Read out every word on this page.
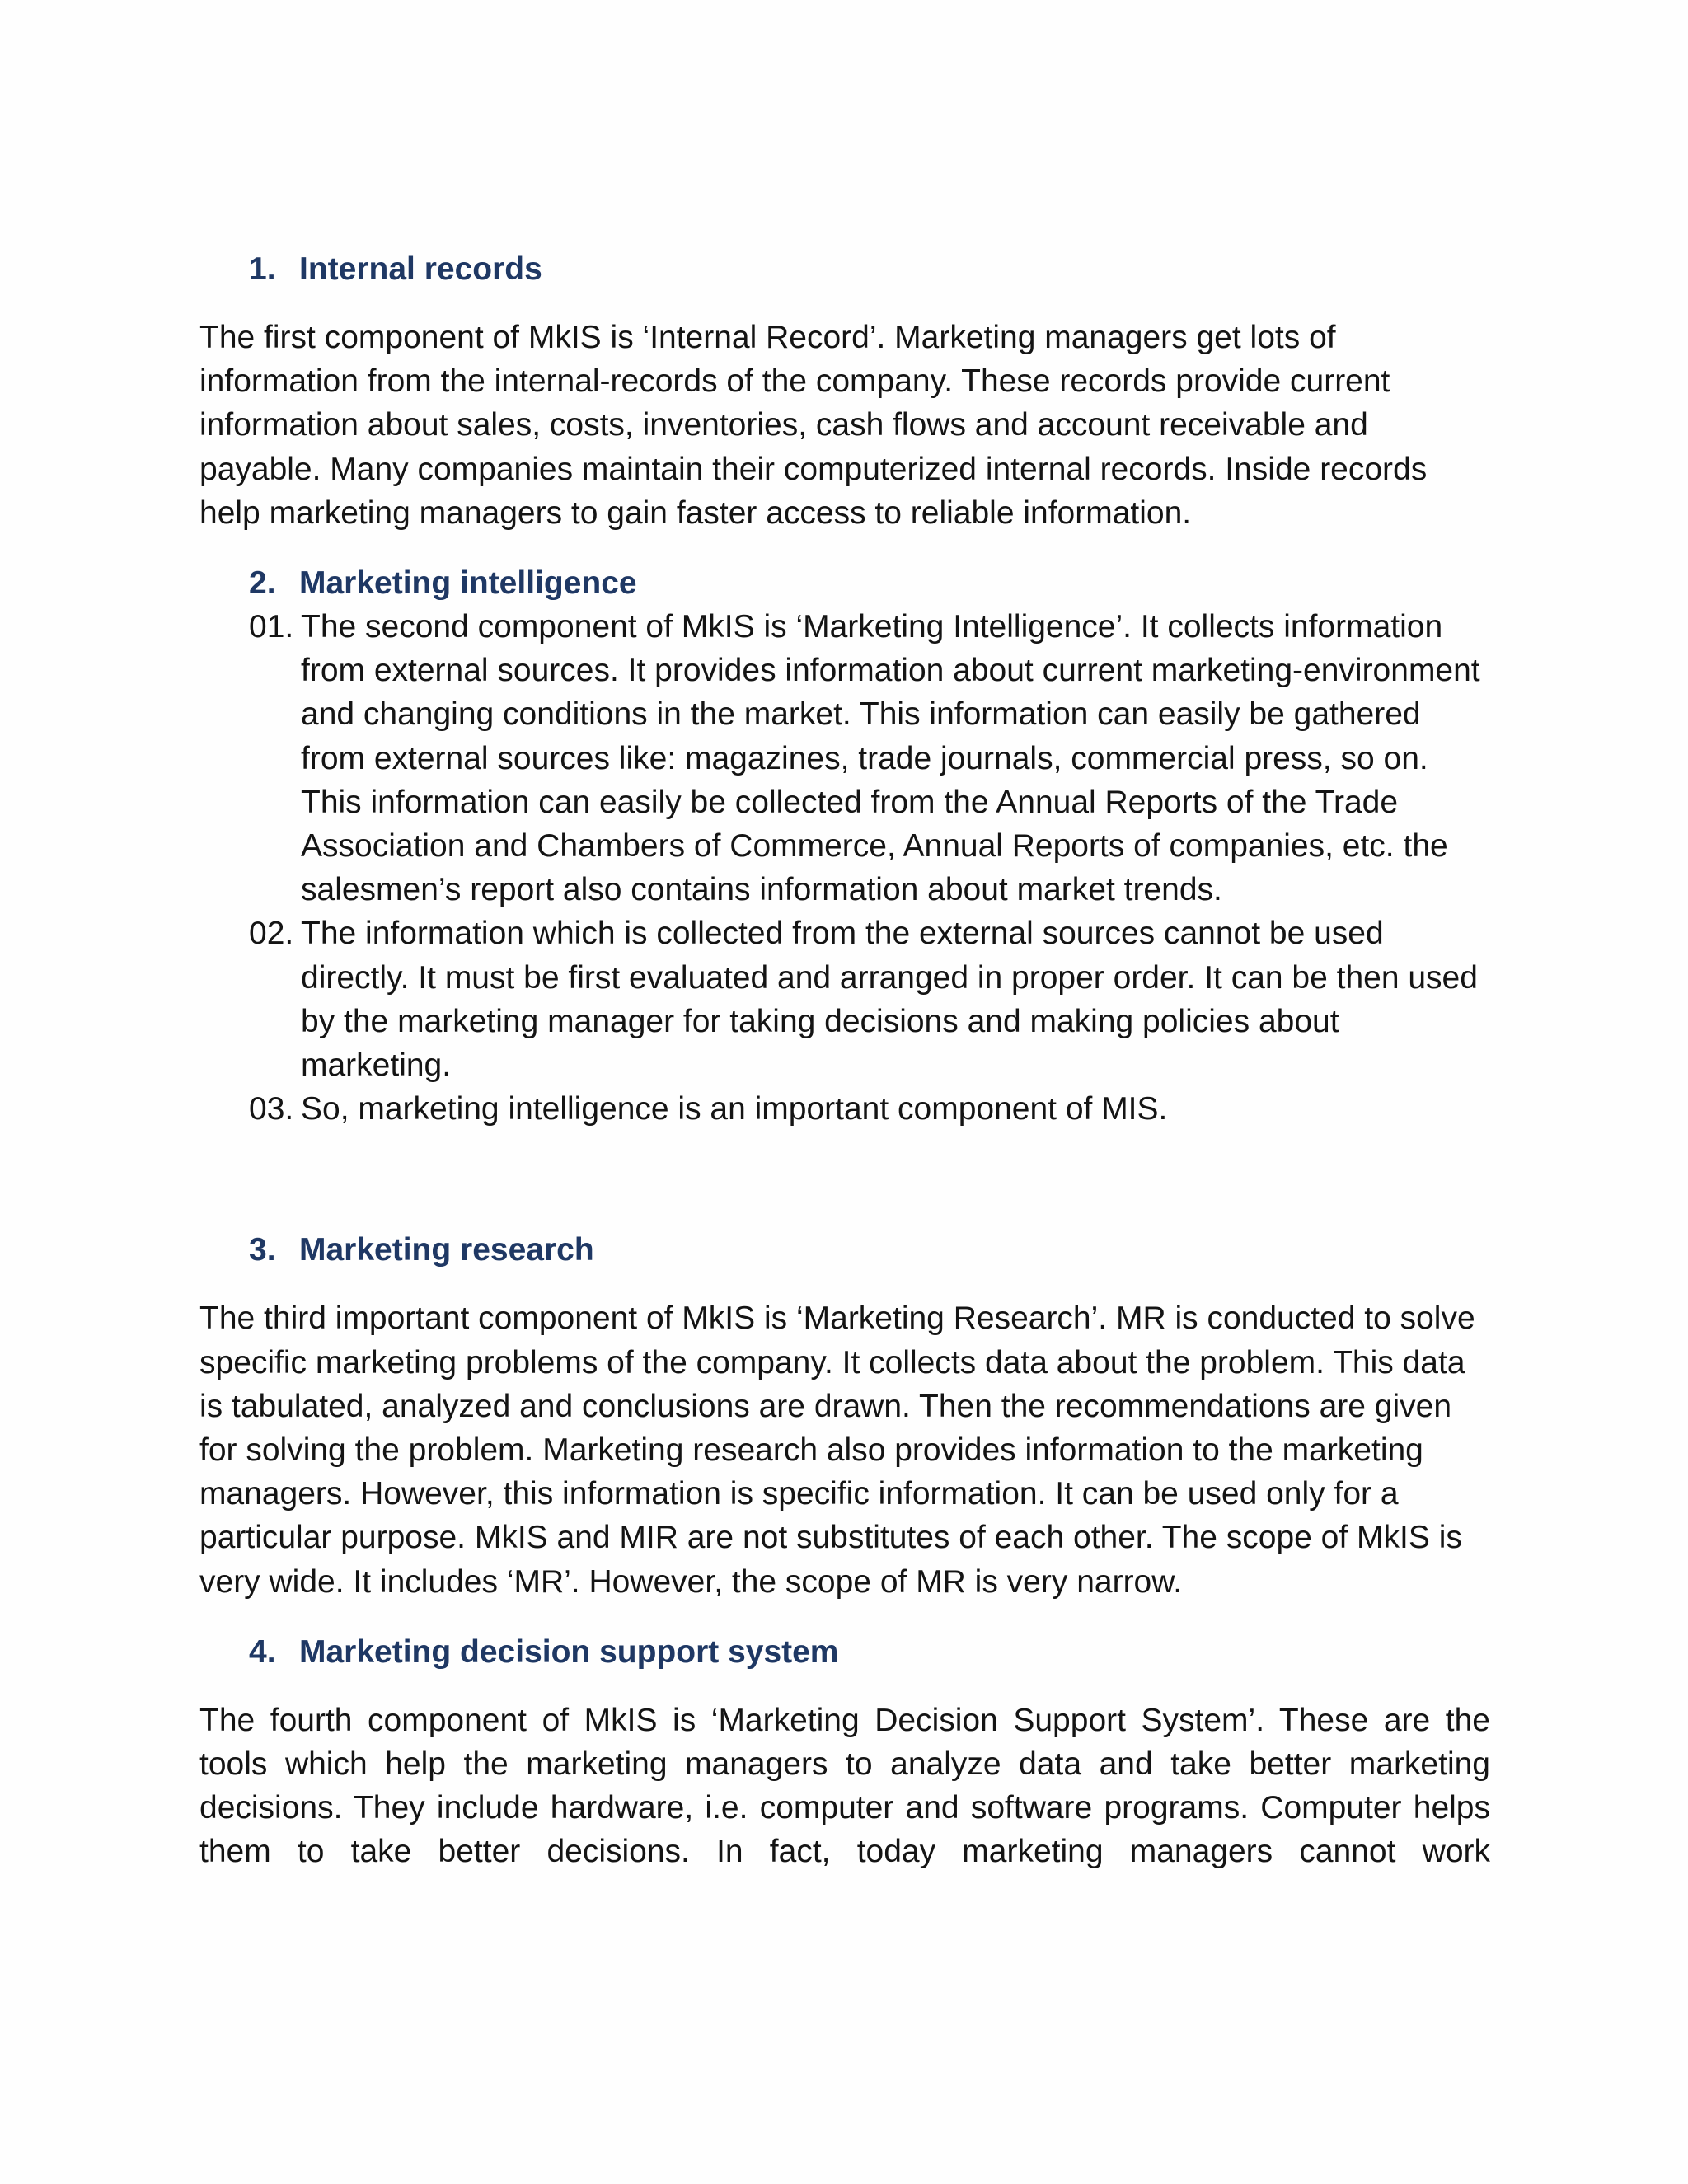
1. Internal records

The first component of MkIS is ‘Internal Record’. Marketing managers get lots of information from the internal-records of the company. These records provide current information about sales, costs, inventories, cash flows and account receivable and payable. Many companies maintain their computerized internal records. Inside records help marketing managers to gain faster access to reliable information.

2. Marketing intelligence
01. The second component of MkIS is ‘Marketing Intelligence’. It collects information from external sources. It provides information about current marketing-environment and changing conditions in the market. This information can easily be gathered from external sources like: magazines, trade journals, commercial press, so on. This information can easily be collected from the Annual Reports of the Trade Association and Chambers of Commerce, Annual Reports of companies, etc. the salesmen’s report also contains information about market trends.
02. The information which is collected from the external sources cannot be used directly. It must be first evaluated and arranged in proper order. It can be then used by the marketing manager for taking decisions and making policies about marketing.
03. So, marketing intelligence is an important component of MIS.
3. Marketing research

The third important component of MkIS is ‘Marketing Research’. MR is conducted to solve specific marketing problems of the company. It collects data about the problem. This data is tabulated, analyzed and conclusions are drawn. Then the recommendations are given for solving the problem. Marketing research also provides information to the marketing managers. However, this information is specific information. It can be used only for a particular purpose. MkIS and MIR are not substitutes of each other. The scope of MkIS is very wide. It includes ‘MR’. However, the scope of MR is very narrow.

4. Marketing decision support system

The fourth component of MkIS is ‘Marketing Decision Support System’. These are the tools which help the marketing managers to analyze data and take better marketing decisions. They include hardware, i.e. computer and software programs. Computer helps them to take better decisions. In fact, today marketing managers cannot work
